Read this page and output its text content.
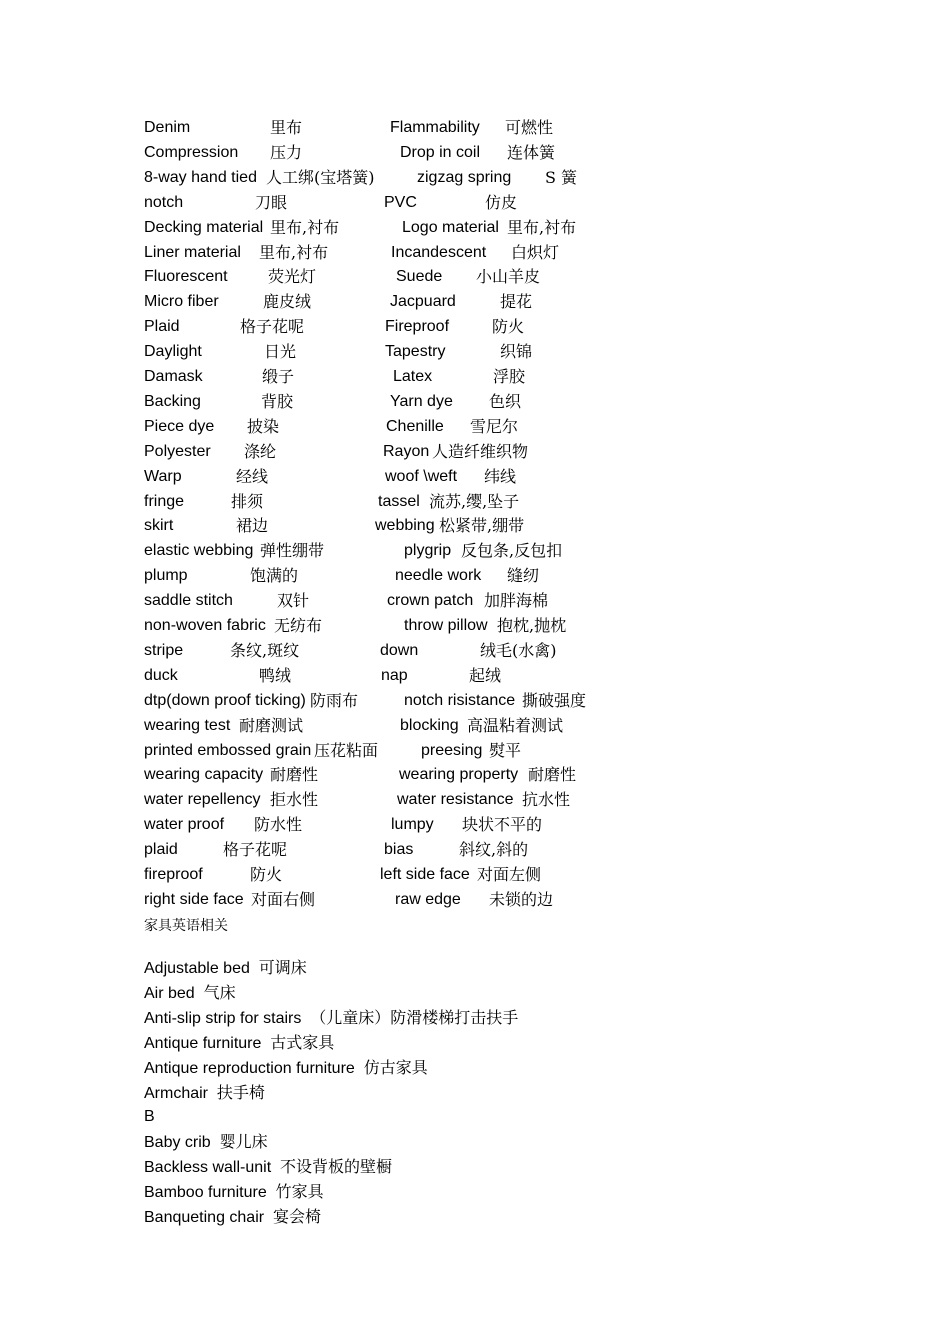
Denim	里布	Flammability 可燃性
Compression 压力	Drop in coil 连体簧
8-way hand tied 人工绑(宝塔簧)	zigzag spring S 簧
notch	刀眼	PVC	仿皮
Decking material 里布,衬布	Logo material 里布,衬布
Liner material 里布,衬布	Incandescent 白炽灯
Fluorescent	荧光灯	Suede 小山羊皮
Micro fiber	鹿皮绒	Jacpuard	提花
Plaid	格子花呢	Fireproof	防火
Daylight	日光	Tapestry	织锦
Damask	缎子	Latex	浮胶
Backing	背胶	Yarn dye 色织
Piece dye 披染	Chenille 雪尼尔
Polyester 涤纶	Rayon 人造纤维织物
Warp	经线	woof \weft 纬线
fringe	排须	tassel 流苏,缨,坠子
skirt	裙边	webbing 松紧带,绷带
elastic webbing 弹性绷带	plygrip 反包条,反包扣
plump	饱满的	needle work 缝纫
saddle stitch	双针	crown patch 加胖海棉
non-woven fabric 无纺布	throw pillow 抱枕,抛枕
stripe	条纹,斑纹	down	绒毛(水禽)
duck	鸭绒	nap	起绒
dtp(down proof ticking) 防雨布	notch risistance 撕破强度
wearing test 耐磨测试	blocking 高温粘着测试
printed embossed grain 压花粘面	preesing 熨平
wearing capacity 耐磨性	wearing property 耐磨性
water repellency 拒水性	water resistance 抗水性
water proof 防水性	lumpy 块状不平的
plaid	格子花呢	bias	斜纹,斜的
fireproof	防火	left side face 对面左侧
right side face 对面右侧	raw edge 未锁的边
家具英语相关
Adjustable bed 可调床
Air bed 气床
Anti-slip strip for stairs （儿童床）防滑楼梯打击扶手
Antique furniture 古式家具
Antique reproduction furniture 仿古家具
Armchair 扶手椅
B
Baby crib 婴儿床
Backless wall-unit 不设背板的壁橱
Bamboo furniture 竹家具
Banqueting chair 宴会椅
